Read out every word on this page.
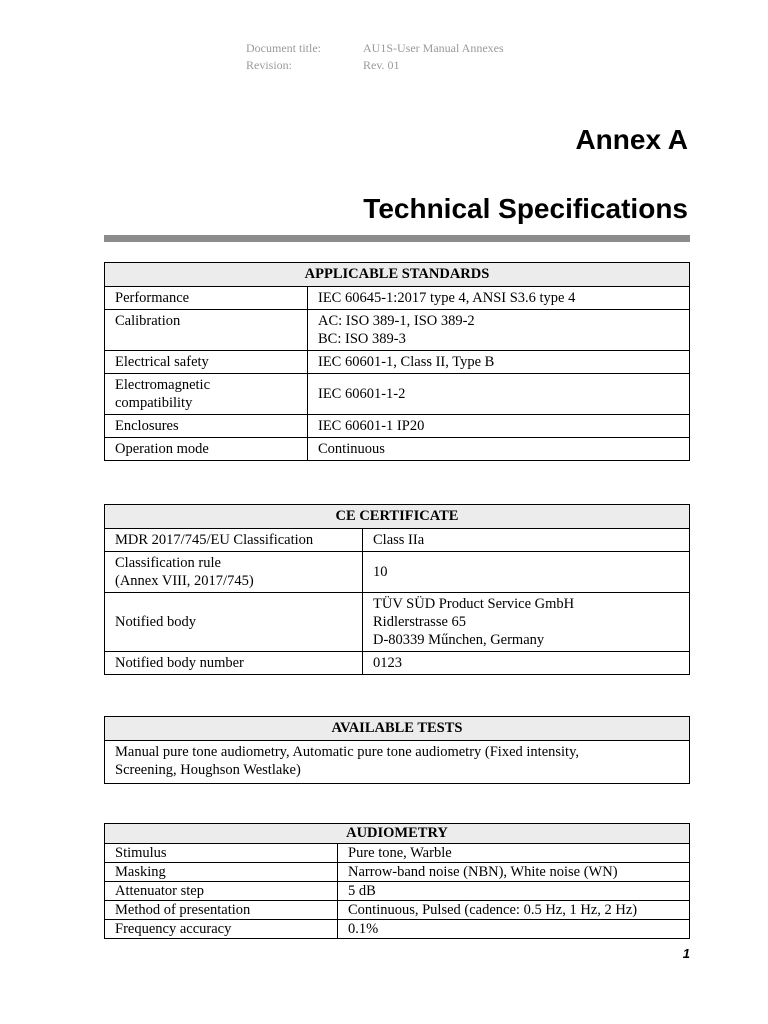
Document title:	AU1S-User Manual Annexes
Revision:	Rev. 01
Annex A
Technical Specifications
APPLICABLE STANDARDS	
Performance	IEC 60645-1:2017 type 4, ANSI S3.6 type 4
Calibration	AC: ISO 389-1, ISO 389-2
BC: ISO 389-3

Electrical safety	IEC 60601-1, Class II, Type B

Electromagnetic
compatibility	IEC 60601-1-2
Enclosures	IEC 60601-1 IP20
Operation mode	Continuous
CE CERTIFICATE	
MDR 2017/745/EU Classification	Class IIa

Classification rule
(Annex VIII, 2017/745)	10
Notified body	TÜV SÜD Product Service GmbH
Ridlerstrasse 65
D-80339 Műnchen, Germany

Notified body number	0123
AVAILABLE TESTS

Manual pure tone audiometry, Automatic pure tone audiometry (Fixed intensity,
Screening, Houghson Westlake)
AUDIOMETRY	
Stimulus	Pure tone, Warble
Masking	Narrow-band noise (NBN), White noise (WN)
Attenuator step	5 dB
Method of presentation	Continuous, Pulsed (cadence: 0.5 Hz, 1 Hz, 2 Hz)
Frequency accuracy	0.1%
1
